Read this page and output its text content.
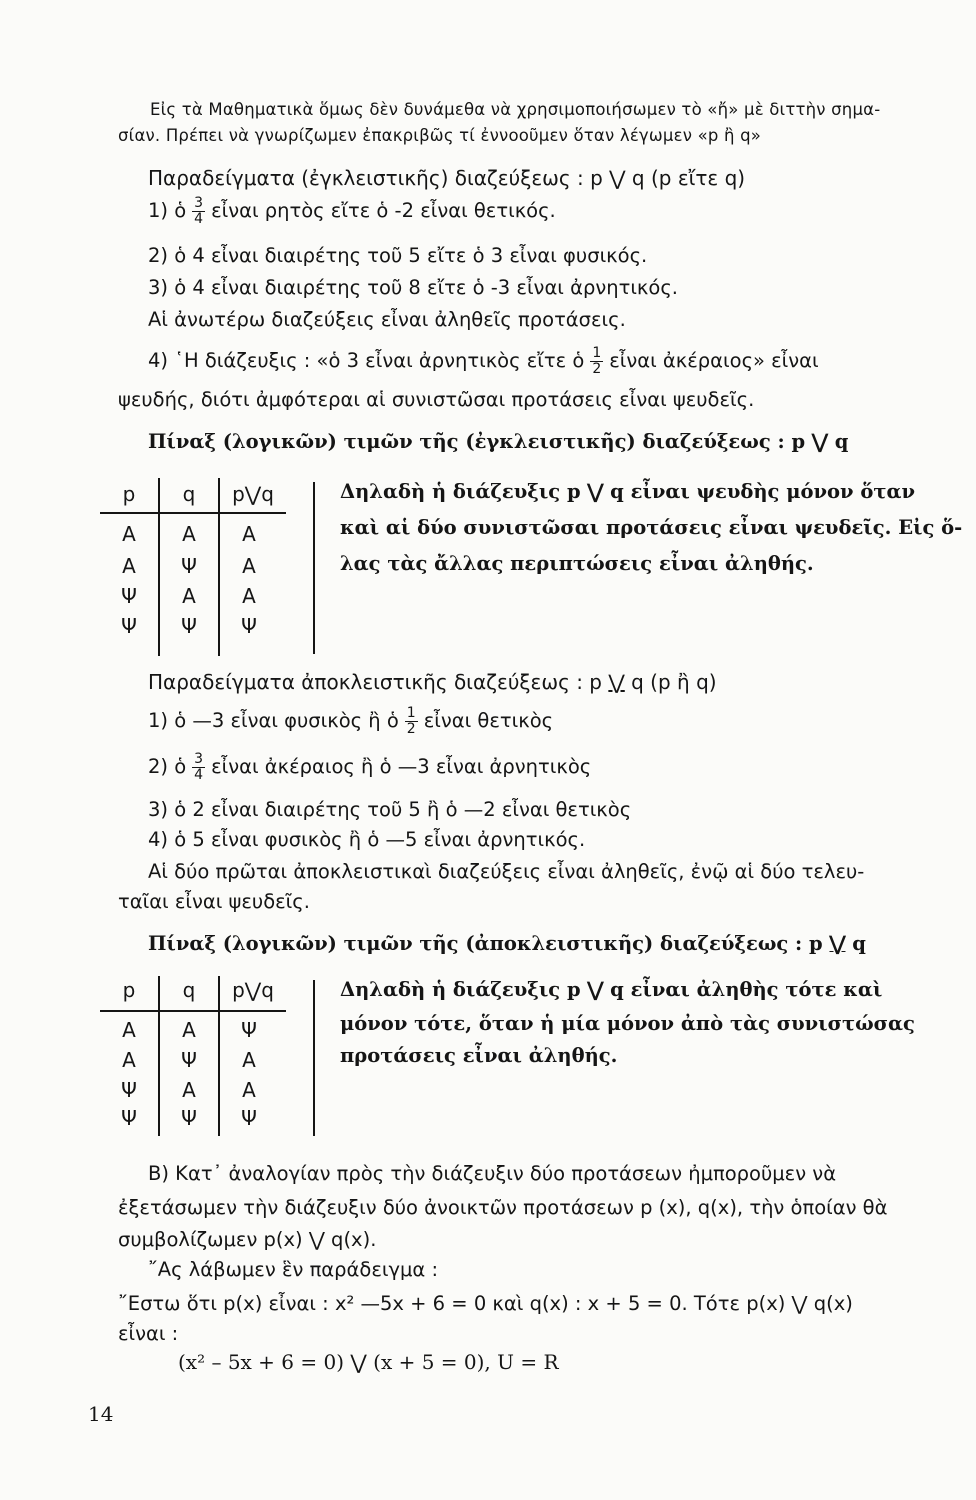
Εἰς τὰ Μαθηματικὰ ὅμως δὲν δυνάμεθα νὰ χρησιμοποιήσωμεν τὸ «ἤ» μὲ διττὴν σημα-
σίαν. Πρέπει νὰ γνωρίζωμεν ἐπακριβῶς τί ἐννοοῦμεν ὅταν λέγωμεν «p ἢ q»
Παραδείγματα (ἐγκλειστικῆς) διαζεύξεως : p ⋁ q (p εἴτε q)
1) ὁ $\frac{3}{4}$ εἶναι ρητὸς εἴτε ὁ -2 εἶναι θετικός.
2) ὁ 4 εἶναι διαιρέτης τοῦ 5 εἴτε ὁ 3 εἶναι φυσικός.
3) ὁ 4 εἶναι διαιρέτης τοῦ 8 εἴτε ὁ -3 εἶναι ἀρνητικός.
Αἱ ἀνωτέρω διαζεύξεις εἶναι ἀληθεῖς προτάσεις.
4) ῾Η διάζευξις : «ὁ 3 εἶναι ἀρνητικὸς εἴτε ὁ $\frac{1}{2}$ εἶναι ἀκέραιος» εἶναι
ψευδής, διότι ἀμφότεραι αἱ συνιστῶσαι προτάσεις εἶναι ψευδεῖς.
Πίναξ (λογικῶν) τιμῶν τῆς (ἐγκλειστικῆς) διαζεύξεως : p ⋁ q
p	q	p⋁q
Α	Α	Α
Α	Ψ	Α
Ψ	Α	Α
Ψ	Ψ	Ψ
Δηλαδὴ ἡ διάζευξις p ⋁ q εἶναι ψευδὴς μόνον ὅταν
καὶ αἱ δύο συνιστῶσαι προτάσεις εἶναι ψευδεῖς. Εἰς ὅ-
λας τὰς ἄλλας περιπτώσεις εἶναι ἀληθής.
Παραδείγματα ἀποκλειστικῆς διαζεύξεως : p ⋁ q (p ἢ q)
1) ὁ —3 εἶναι φυσικὸς ἢ ὁ $\frac{1}{2}$ εἶναι θετικὸς
2) ὁ $\frac{3}{4}$ εἶναι ἀκέραιος ἢ ὁ —3 εἶναι ἀρνητικὸς
3) ὁ 2 εἶναι διαιρέτης τοῦ 5 ἢ ὁ —2 εἶναι θετικὸς
4) ὁ 5 εἶναι φυσικὸς ἢ ὁ —5 εἶναι ἀρνητικός.
Αἱ δύο πρῶται ἀποκλειστικαὶ διαζεύξεις εἶναι ἀληθεῖς, ἐνῷ αἱ δύο τελευ-
ταῖαι εἶναι ψευδεῖς.
Πίναξ (λογικῶν) τιμῶν τῆς (ἀποκλειστικῆς) διαζεύξεως : p ⋁ q
p	q	p⋁q
Α	Α	Ψ
Α	Ψ	Α
Ψ	Α	Α
Ψ	Ψ	Ψ
Δηλαδὴ ἡ διάζευξις p ⋁ q εἶναι ἀληθὴς τότε καὶ
μόνον τότε, ὅταν ἡ μία μόνον ἀπὸ τὰς συνιστώσας
προτάσεις εἶναι ἀληθής.
Β) Κατ᾽ ἀναλογίαν πρὸς τὴν διάζευξιν δύο προτάσεων ἠμποροῦμεν νὰ
ἐξετάσωμεν τὴν διάζευξιν δύο ἀνοικτῶν προτάσεων p (x), q(x), τὴν ὁποίαν θὰ
συμβολίζωμεν p(x) ⋁ q(x).
῎Ας λάβωμεν ἓν παράδειγμα :
῎Εστω ὅτι p(x) εἶναι : x² —5x + 6 = 0 καὶ q(x) : x + 5 = 0. Τότε p(x) ⋁ q(x)
εἶναι :
(x² – 5x + 6 = 0) ⋁ (x + 5 = 0), U = R
14
